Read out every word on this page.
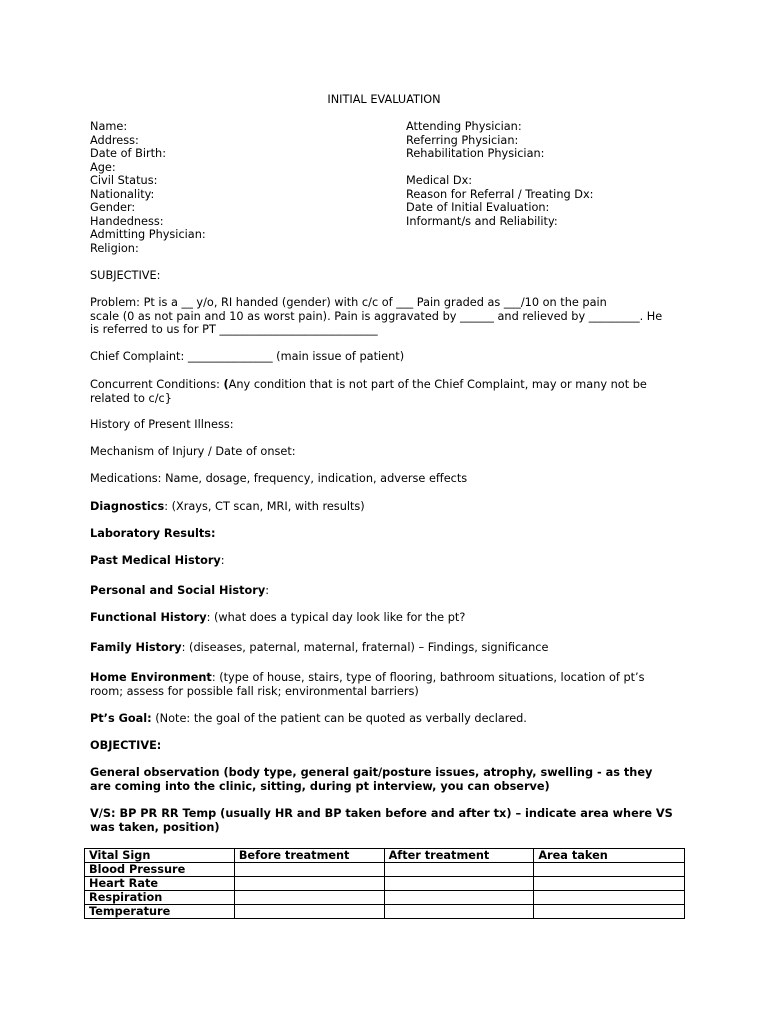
INITIAL EVALUATION
Name:
Address:
Date of Birth:
Age:
Civil Status:
Nationality:
Gender:
Handedness:
Admitting Physician:
Religion:
Attending Physician:
Referring Physician:
Rehabilitation Physician:
Medical Dx:
Reason for Referral / Treating Dx:
Date of Initial Evaluation:
Informant/s and Reliability:
SUBJECTIVE:
Problem: Pt is a __ y/o, RI handed (gender) with c/c of ___ Pain graded as ___/10 on the pain
scale (0 as not pain and 10 as worst pain). Pain is aggravated by ______ and relieved by _________. He
is referred to us for PT ____________________________
Chief Complaint: _______________ (main issue of patient)
Concurrent Conditions: (Any condition that is not part of the Chief Complaint, may or many not be related to c/c}
History of Present Illness:
Mechanism of Injury / Date of onset:
Medications: Name, dosage, frequency, indication, adverse effects
Diagnostics: (Xrays, CT scan, MRI, with results)
Laboratory Results:
Past Medical History:
Personal and Social History:
Functional History: (what does a typical day look like for the pt?
Family History: (diseases, paternal, maternal, fraternal) – Findings, significance
Home Environment: (type of house, stairs, type of flooring, bathroom situations, location of pt’s room; assess for possible fall risk; environmental barriers)
Pt’s Goal: (Note: the goal of the patient can be quoted as verbally declared.
OBJECTIVE:
General observation (body type, general gait/posture issues, atrophy, swelling - as they are coming into the clinic, sitting, during pt interview, you can observe)
V/S: BP PR RR Temp (usually HR and BP taken before and after tx) – indicate area where VS was taken, position)
Vital Sign	Before treatment	After treatment	Area taken
Blood Pressure			
Heart Rate			
Respiration			
Temperature			
